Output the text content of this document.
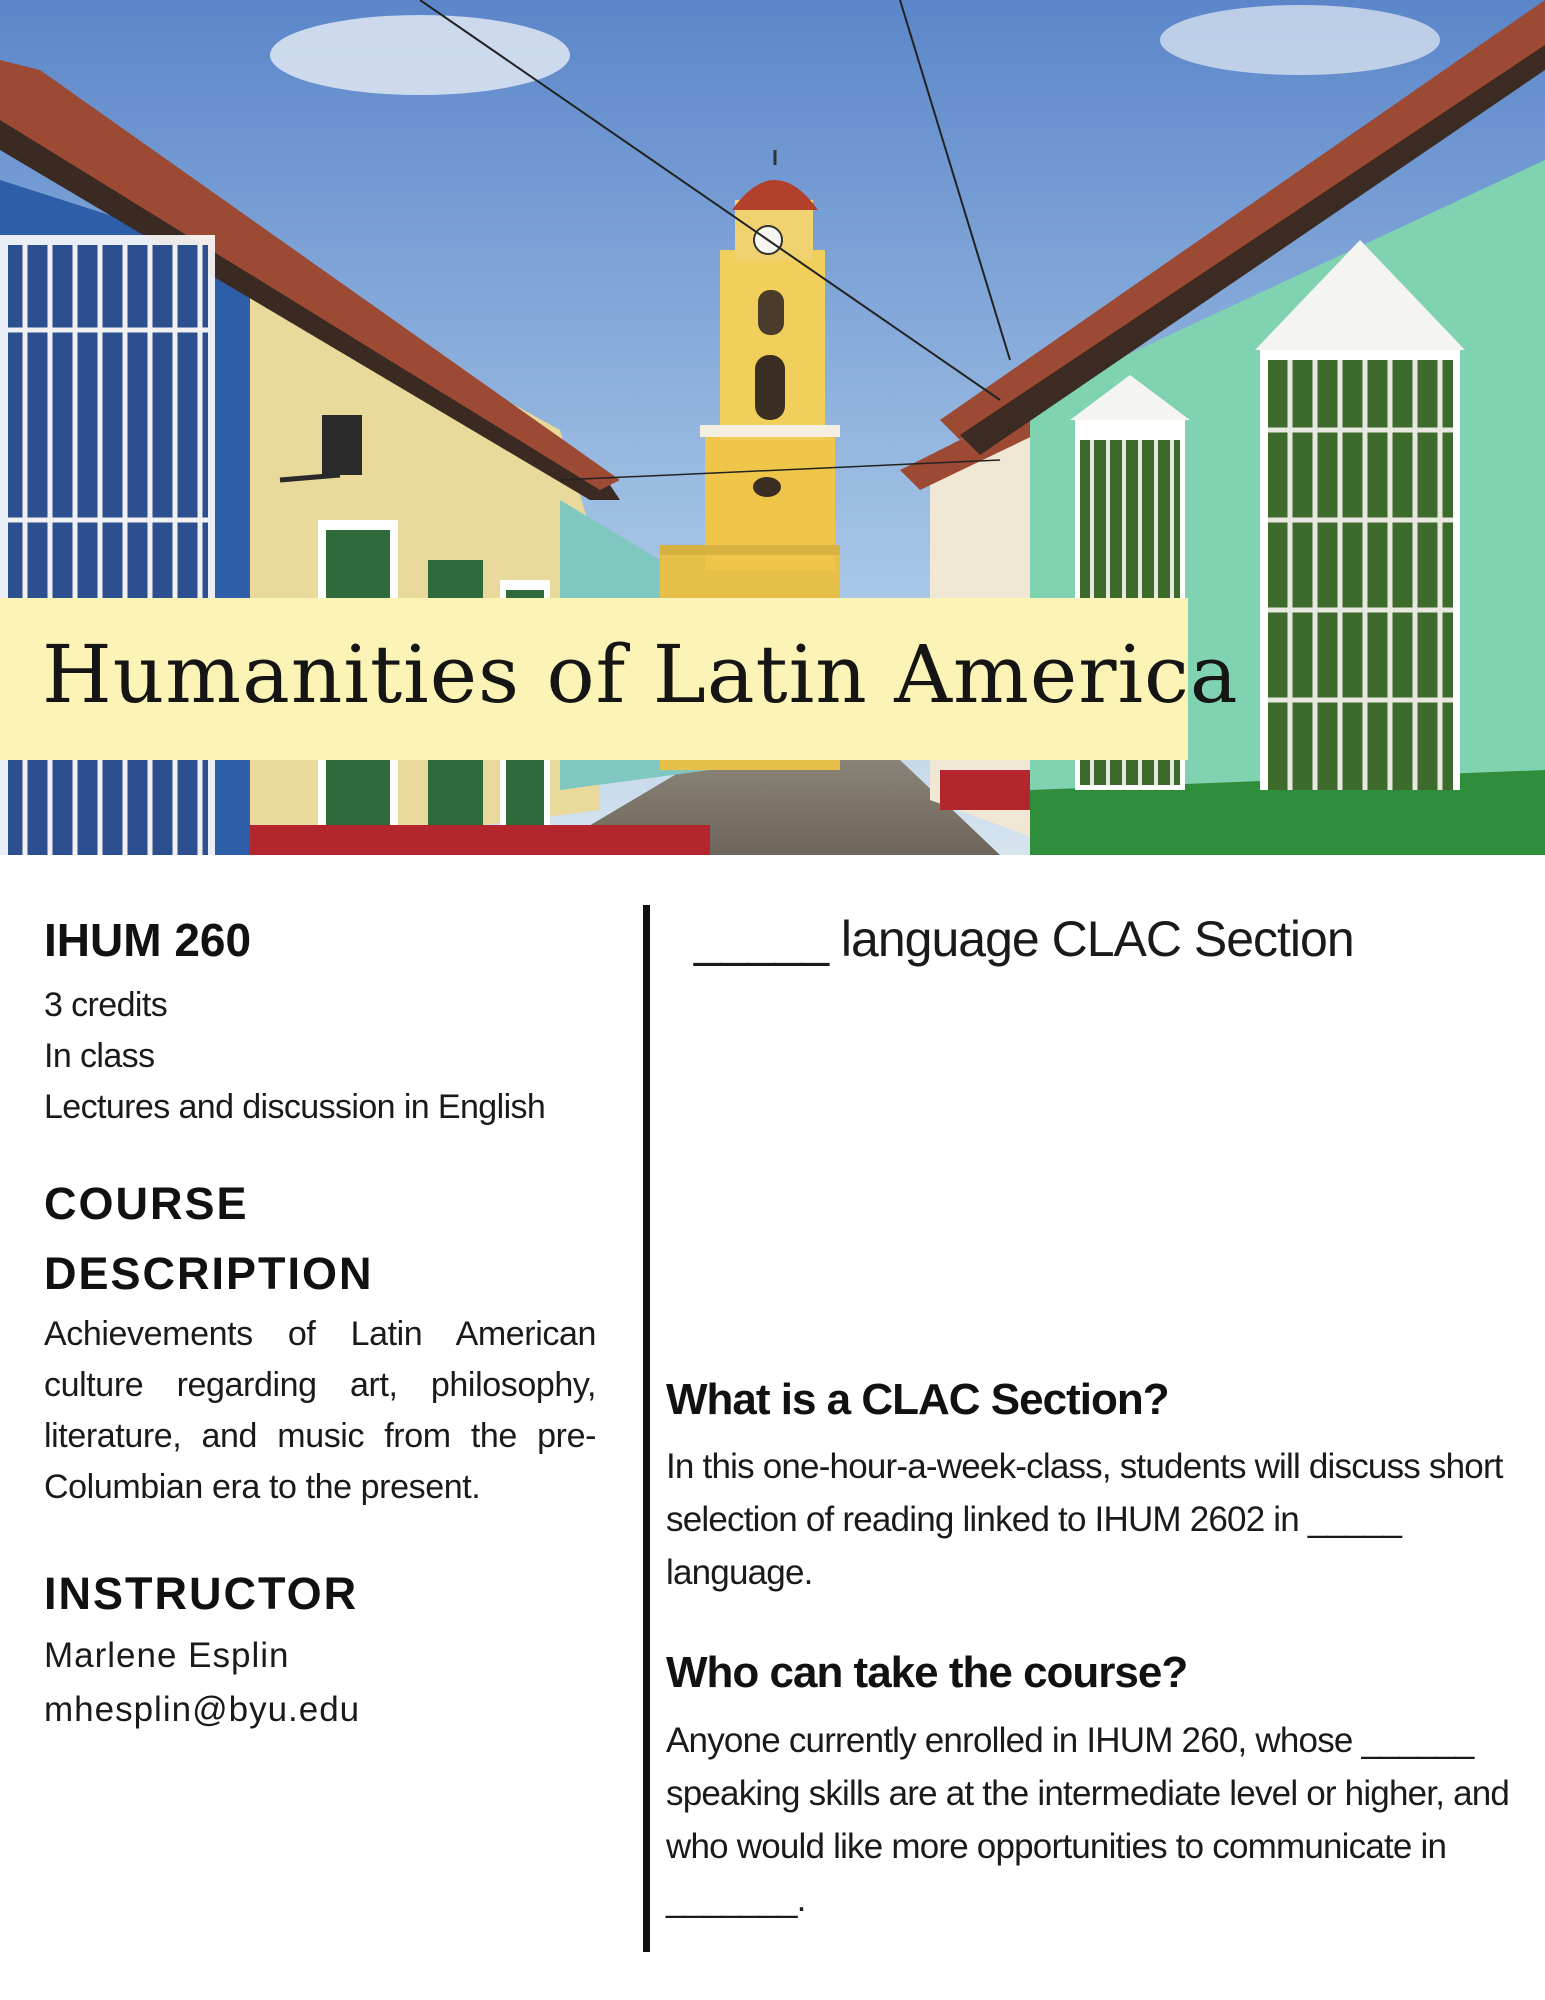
Humanities of Latin America

IHUM 260

3 credits
In class
Lectures and discussion in English

COURSE

DESCRIPTION

Achievements of Latin American culture regarding art, philosophy, literature, and music from the pre-Columbian era to the present.

INSTRUCTOR

Marlene Esplin
mhesplin@byu.edu
_____ language CLAC Section
What is a CLAC Section?
In this one-hour-a-week-class, students will discuss short selection of reading linked to IHUM 2602 in _____ language.
Who can take the course?
Anyone currently enrolled in IHUM 260, whose ______ speaking skills are at the intermediate level or higher, and who would like more opportunities to communicate in _______.
